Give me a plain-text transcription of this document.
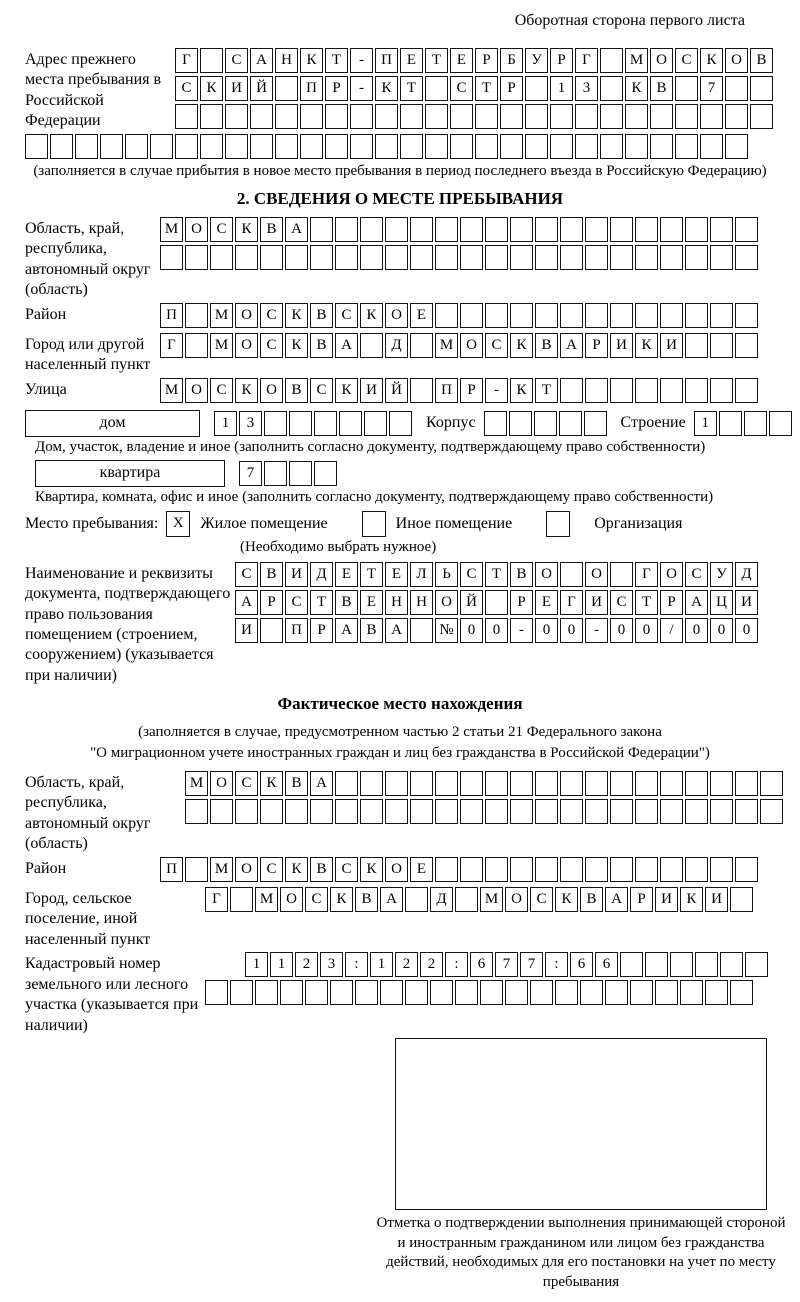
Оборотная сторона первого листа
Адрес прежнего места пребывания в Российской Федерации
Г	С А Н К	Т	-	П Е	Т	Е	Р	Б	У	Р	Г	М О С К О В
С К И Й	П	Р	-	К	Т	С	Т	Р	1	3	К В	7
(заполняется в случае прибытия в новое место пребывания в период последнего въезда в Российскую Федерацию)
2. СВЕДЕНИЯ О МЕСТЕ ПРЕБЫВАНИЯ
Область, край, республика, автономный округ (область)
М О С К В А
Район	П	М О С К В С К О Е
Город или другой населенный пункт
Г	М О С К В А	Д	М О С К В А	Р	И К И
Улица	М О С К О В С К И Й	П	Р	-	К	Т
дом	1	3	Корпус	Строение	1
Дом, участок, владение и иное (заполнить согласно документу, подтверждающему право собственности)
квартира	7
Квартира, комната, офис и иное (заполнить согласно документу, подтверждающему право собственности)
Место пребывания: X	Жилое помещение	Иное помещение	Организация
(Необходимо выбрать нужное)
Наименование и реквизиты документа, подтверждающего право пользования помещением (строением, сооружением) (указывается при наличии)
С В И Д	Е	Т	Е	Л	Ь	С	Т	В О	О	Г	О С У Д
А	Р	С	Т	В	Е	Н Н О Й	Р	Е	Г	И С	Т	Р	А Ц И
И	П	Р	А В А	№ 0	0	-	0	0	-	0	0	/	0	0	0
Фактическое место нахождения
(заполняется в случае, предусмотренном частью 2 статьи 21 Федерального закона
"О миграционном учете иностранных граждан и лиц без гражданства в Российской Федерации")
Область, край, республика, автономный округ (область)
М О С К В А
Район	П	М О С К В С К О Е
Город, сельское поселение, иной населенный пункт
Г	М О С К В А	Д	М О С К В А	Р	И К И
Кадастровый номер земельного или лесного участка (указывается при наличии)
1	1	2	3	:	1	2	2	:	6	7	7	:	6	6
Отметка о подтверждении выполнения принимающей стороной и иностранным гражданином или лицом без гражданства действий, необходимых для его постановки на учет по месту пребывания
